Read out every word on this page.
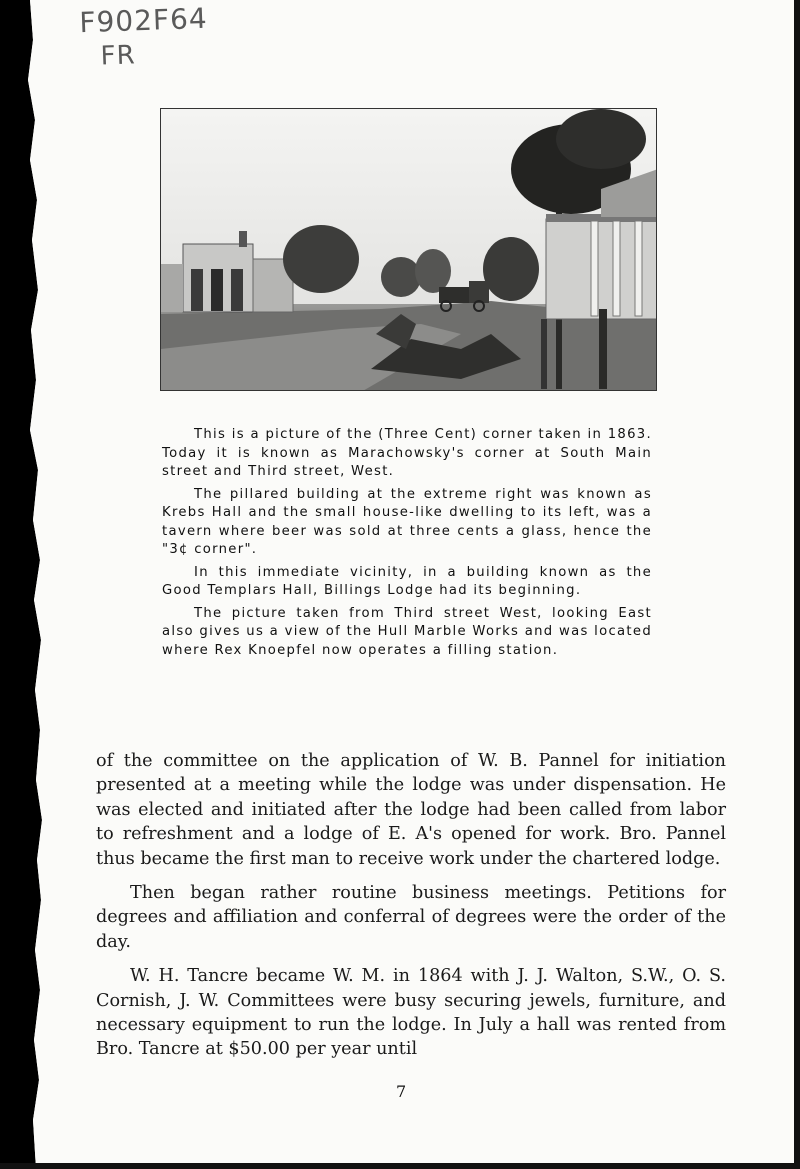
F902F64
FR

This is a picture of the (Three Cent) corner taken in 1863. Today it is known as Marachowsky's corner at South Main street and Third street, West.

The pillared building at the extreme right was known as Krebs Hall and the small house-like dwelling to its left, was a tavern where beer was sold at three cents a glass, hence the "3¢ corner".

In this immediate vicinity, in a building known as the Good Templars Hall, Billings Lodge had its beginning.

The picture taken from Third street West, looking East also gives us a view of the Hull Marble Works and was located where Rex Knoepfel now operates a filling station.

of the committee on the application of W. B. Pannel for initiation presented at a meeting while the lodge was under dispensation. He was elected and initiated after the lodge had been called from labor to refreshment and a lodge of E. A's opened for work. Bro. Pannel thus became the first man to receive work under the chartered lodge.

Then began rather routine business meetings. Petitions for degrees and affiliation and conferral of degrees were the order of the day.

W. H. Tancre became W. M. in 1864 with J. J. Walton, S.W., O. S. Cornish, J. W. Committees were busy securing jewels, furniture, and necessary equipment to run the lodge. In July a hall was rented from Bro. Tancre at $50.00 per year until

7
